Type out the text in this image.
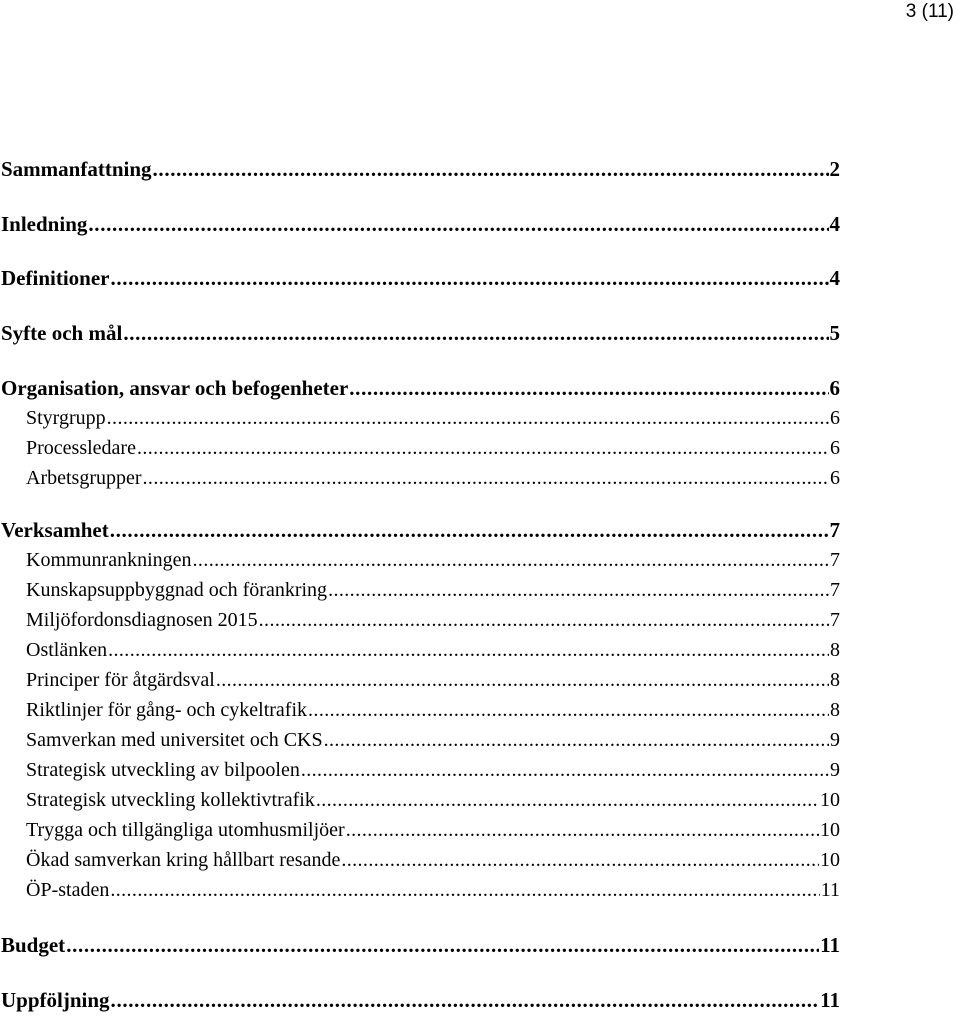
3 (11)
Sammanfattning . . .	2
Inledning . . .	4
Definitioner . . .	4
Syfte och mål . . .	5
Organisation, ansvar och befogenheter . . .	6
Styrgrupp . . .	6
Processledare . . .	6
Arbetsgrupper . . .	6
Verksamhet . . .	7
Kommunrankningen . . .	7
Kunskapsuppbyggnad och förankring . . .	7
Miljöfordonsdiagnosen 2015 . . .	7
Ostlänken . . .	8
Principer för åtgärdsval . . .	8
Riktlinjer för gång- och cykeltrafik . . .	8
Samverkan med universitet och CKS . . .	9
Strategisk utveckling av bilpoolen . . .	9
Strategisk utveckling kollektivtrafik . . .	10
Trygga och tillgängliga utomhusmiljöer . . .	10
Ökad samverkan kring hållbart resande . . .	10
ÖP-staden . . .	11
Budget . . .	11
Uppföljning . . .	11
